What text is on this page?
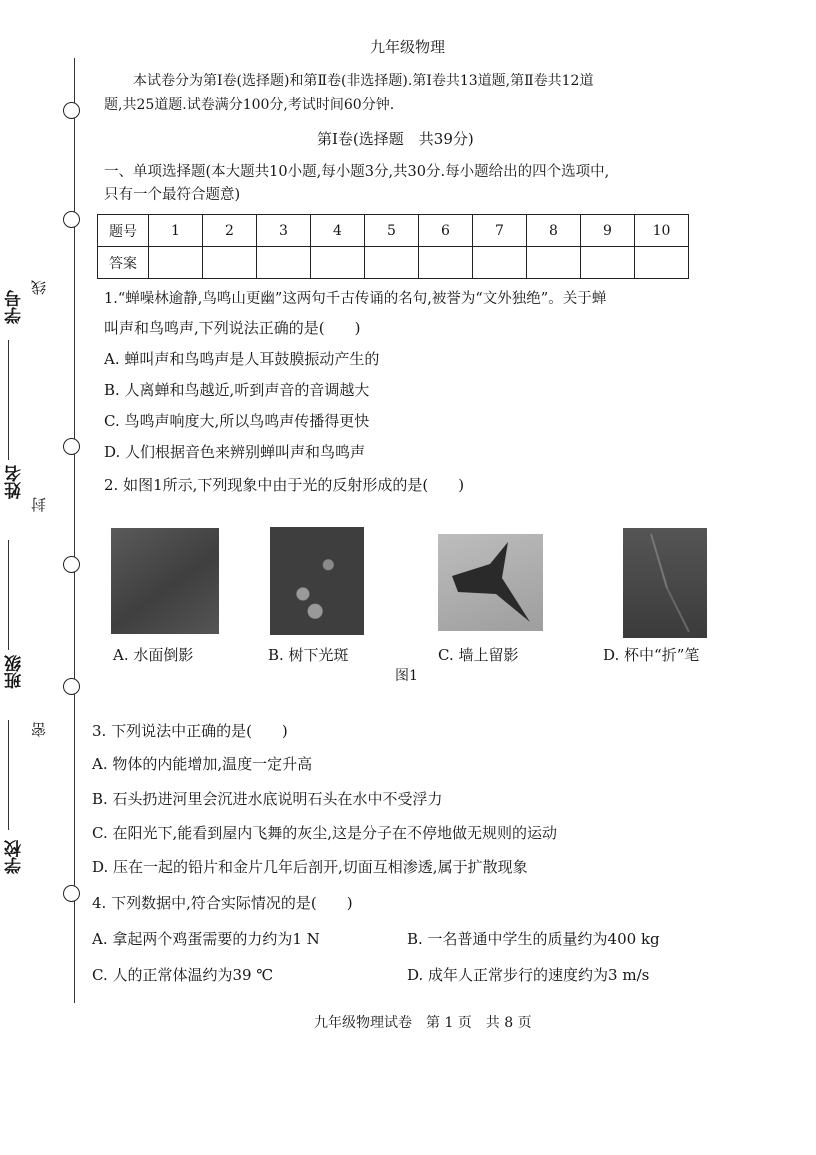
学号
姓名
班级
学校
线
封
密
九年级物理
本试卷分为第Ⅰ卷(选择题)和第Ⅱ卷(非选择题).第Ⅰ卷共13道题,第Ⅱ卷共12道
题,共25道题.试卷满分100分,考试时间60分钟.
第Ⅰ卷(选择题　共39分)
一、单项选择题(本大题共10小题,每小题3分,共30分.每小题给出的四个选项中,
只有一个最符合题意)
题号	1	2	3	4	5	6	7	8	9	10
答案										
1.“蝉噪林逾静,鸟鸣山更幽”这两句千古传诵的名句,被誉为“文外独绝”。关于蝉
叫声和鸟鸣声,下列说法正确的是(　　)
A. 蝉叫声和鸟鸣声是人耳鼓膜振动产生的
B. 人离蝉和鸟越近,听到声音的音调越大
C. 鸟鸣声响度大,所以鸟鸣声传播得更快
D. 人们根据音色来辨别蝉叫声和鸟鸣声
2. 如图1所示,下列现象中由于光的反射形成的是(　　)
A. 水面倒影	B. 树下光斑	C. 墙上留影	D. 杯中“折”笔
图1
3. 下列说法中正确的是(　　)
A. 物体的内能增加,温度一定升高
B. 石头扔进河里会沉进水底说明石头在水中不受浮力
C. 在阳光下,能看到屋内飞舞的灰尘,这是分子在不停地做无规则的运动
D. 压在一起的铅片和金片几年后剖开,切面互相渗透,属于扩散现象
4. 下列数据中,符合实际情况的是(　　)
A. 拿起两个鸡蛋需要的力约为1 N	B. 一名普通中学生的质量约为400 kg
C. 人的正常体温约为39 ℃	D. 成年人正常步行的速度约为3 m/s
九年级物理试卷　第 1 页　共 8 页
